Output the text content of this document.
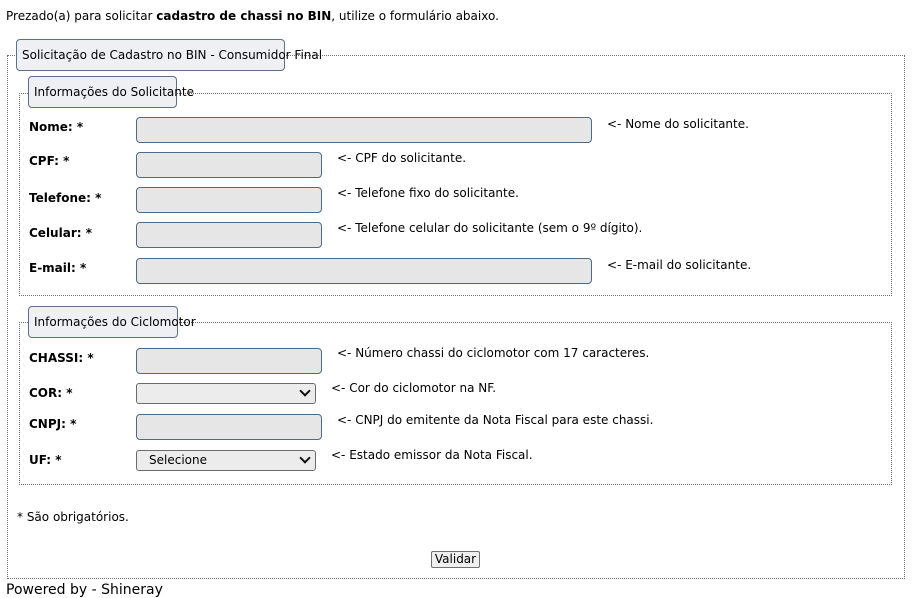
Prezado(a) para solicitar cadastro de chassi no BIN, utilize o formulário abaixo.
Solicitação de Cadastro no BIN - Consumidor Final
Informações do Solicitante
Nome: *	<- Nome do solicitante.
CPF: *	<- CPF do solicitante.
Telefone: *	<- Telefone fixo do solicitante.
Celular: *	<- Telefone celular do solicitante (sem o 9º dígito).
E-mail: *	<- E-mail do solicitante.
Informações do Ciclomotor
CHASSI: *	<- Número chassi do ciclomotor com 17 caracteres.
COR: *	<- Cor do ciclomotor na NF.
CNPJ: *	<- CNPJ do emitente da Nota Fiscal para este chassi.
UF: *	Selecione	<- Estado emissor da Nota Fiscal.
* São obrigatórios.
Validar
Powered by - Shineray
